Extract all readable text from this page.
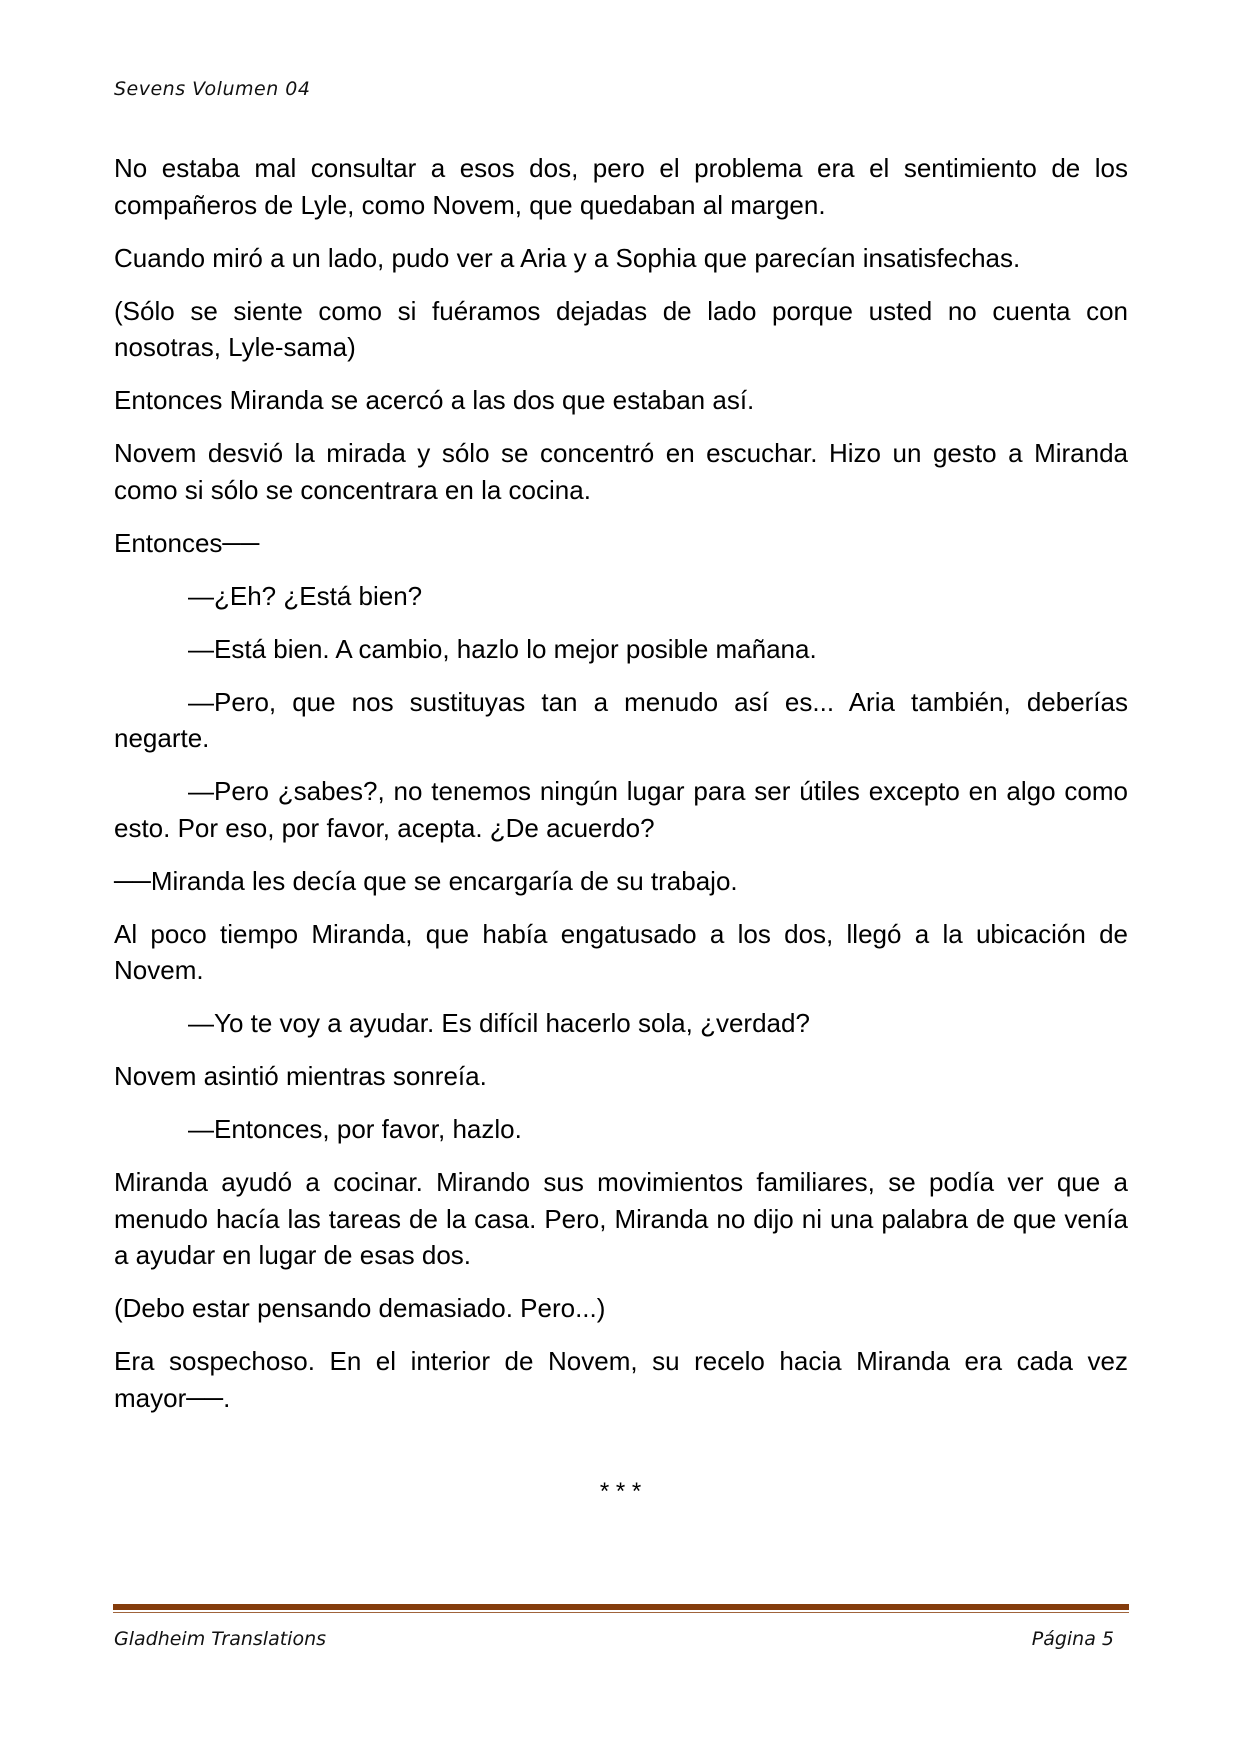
Sevens Volumen 04

No estaba mal consultar a esos dos, pero el problema era el sentimiento de los compañeros de Lyle, como Novem, que quedaban al margen.

Cuando miró a un lado, pudo ver a Aria y a Sophia que parecían insatisfechas.

(Sólo se siente como si fuéramos dejadas de lado porque usted no cuenta con nosotras, Lyle-sama)

Entonces Miranda se acercó a las dos que estaban así.

Novem desvió la mirada y sólo se concentró en escuchar. Hizo un gesto a Miranda como si sólo se concentrara en la cocina.

Entonces──

—¿Eh? ¿Está bien?

—Está bien. A cambio, hazlo lo mejor posible mañana.

—Pero, que nos sustituyas tan a menudo así es... Aria también, deberías negarte.

—Pero ¿sabes?, no tenemos ningún lugar para ser útiles excepto en algo como esto. Por eso, por favor, acepta. ¿De acuerdo?

──Miranda les decía que se encargaría de su trabajo.

Al poco tiempo Miranda, que había engatusado a los dos, llegó a la ubicación de Novem.

—Yo te voy a ayudar. Es difícil hacerlo sola, ¿verdad?

Novem asintió mientras sonreía.

—Entonces, por favor, hazlo.

Miranda ayudó a cocinar. Mirando sus movimientos familiares, se podía ver que a menudo hacía las tareas de la casa. Pero, Miranda no dijo ni una palabra de que venía a ayudar en lugar de esas dos.

(Debo estar pensando demasiado. Pero...)

Era sospechoso. En el interior de Novem, su recelo hacia Miranda era cada vez mayor──.

* * *
Gladheim Translations	Página 5
